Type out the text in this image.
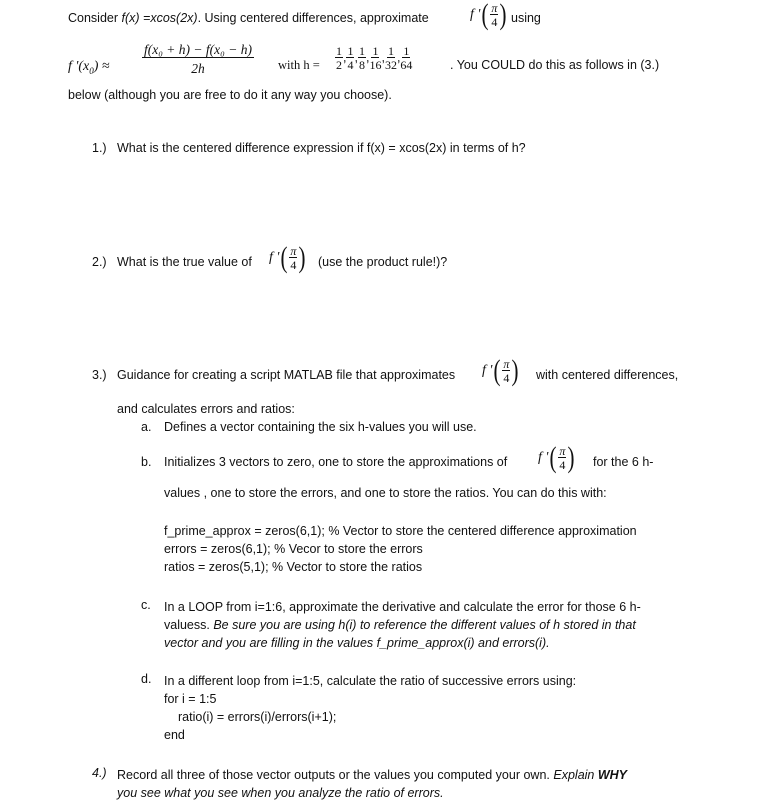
Consider f(x) =xcos(2x). Using centered differences, approximate	f '( $\frac{\pi}{4}$ ) using
f '$(x_0) \approx \frac{\text{f(x₀ + h) − f(x₀ − h)}}{2h}$ with $h = \frac{1}{2}$ , $\frac{1}{4}$ , $\frac{1}{8}$ , $\frac{1}{16}$ , $\frac{1}{32}$ , $\frac{1}{64}$	. You COULD do this as follows in (3.)
below (although you are free to do it any way you choose).
1.) What is the centered difference expression if f(x) = xcos(2x) in terms of h?
2.) What is the true value of f '( $\frac{\pi}{4}$ ) (use the product rule!)?
3.) Guidance for creating a script MATLAB file that approximates f '( $\frac{\pi}{4}$ ) with centered differences,
and calculates errors and ratios:
a. Defines a vector containing the six h-values you will use.
b. Initializes 3 vectors to zero, one to store the approximations of f '( $\frac{\pi}{4}$ ) for the 6 h-
values , one to store the errors, and one to store the ratios. You can do this with:
f_prime_approx = zeros(6,1); % Vector to store the centered difference approximation
errors = zeros(6,1); % Vecor to store the errors
ratios = zeros(5,1); % Vector to store the ratios
c. In a LOOP from i=1:6, approximate the derivative and calculate the error for those 6 h-
valuess. Be sure you are using h(i) to reference the different values of h stored in that
vector and you are filling in the values f_prime_approx(i) and errors(i).
d. In a different loop from i=1:5, calculate the ratio of successive errors using:
for i = 1:5
ratio(i) = errors(i)/errors(i+1);
end
4.) Record all three of those vector outputs or the values you computed your own. Explain WHY
you see what you see when you analyze the ratio of errors.
